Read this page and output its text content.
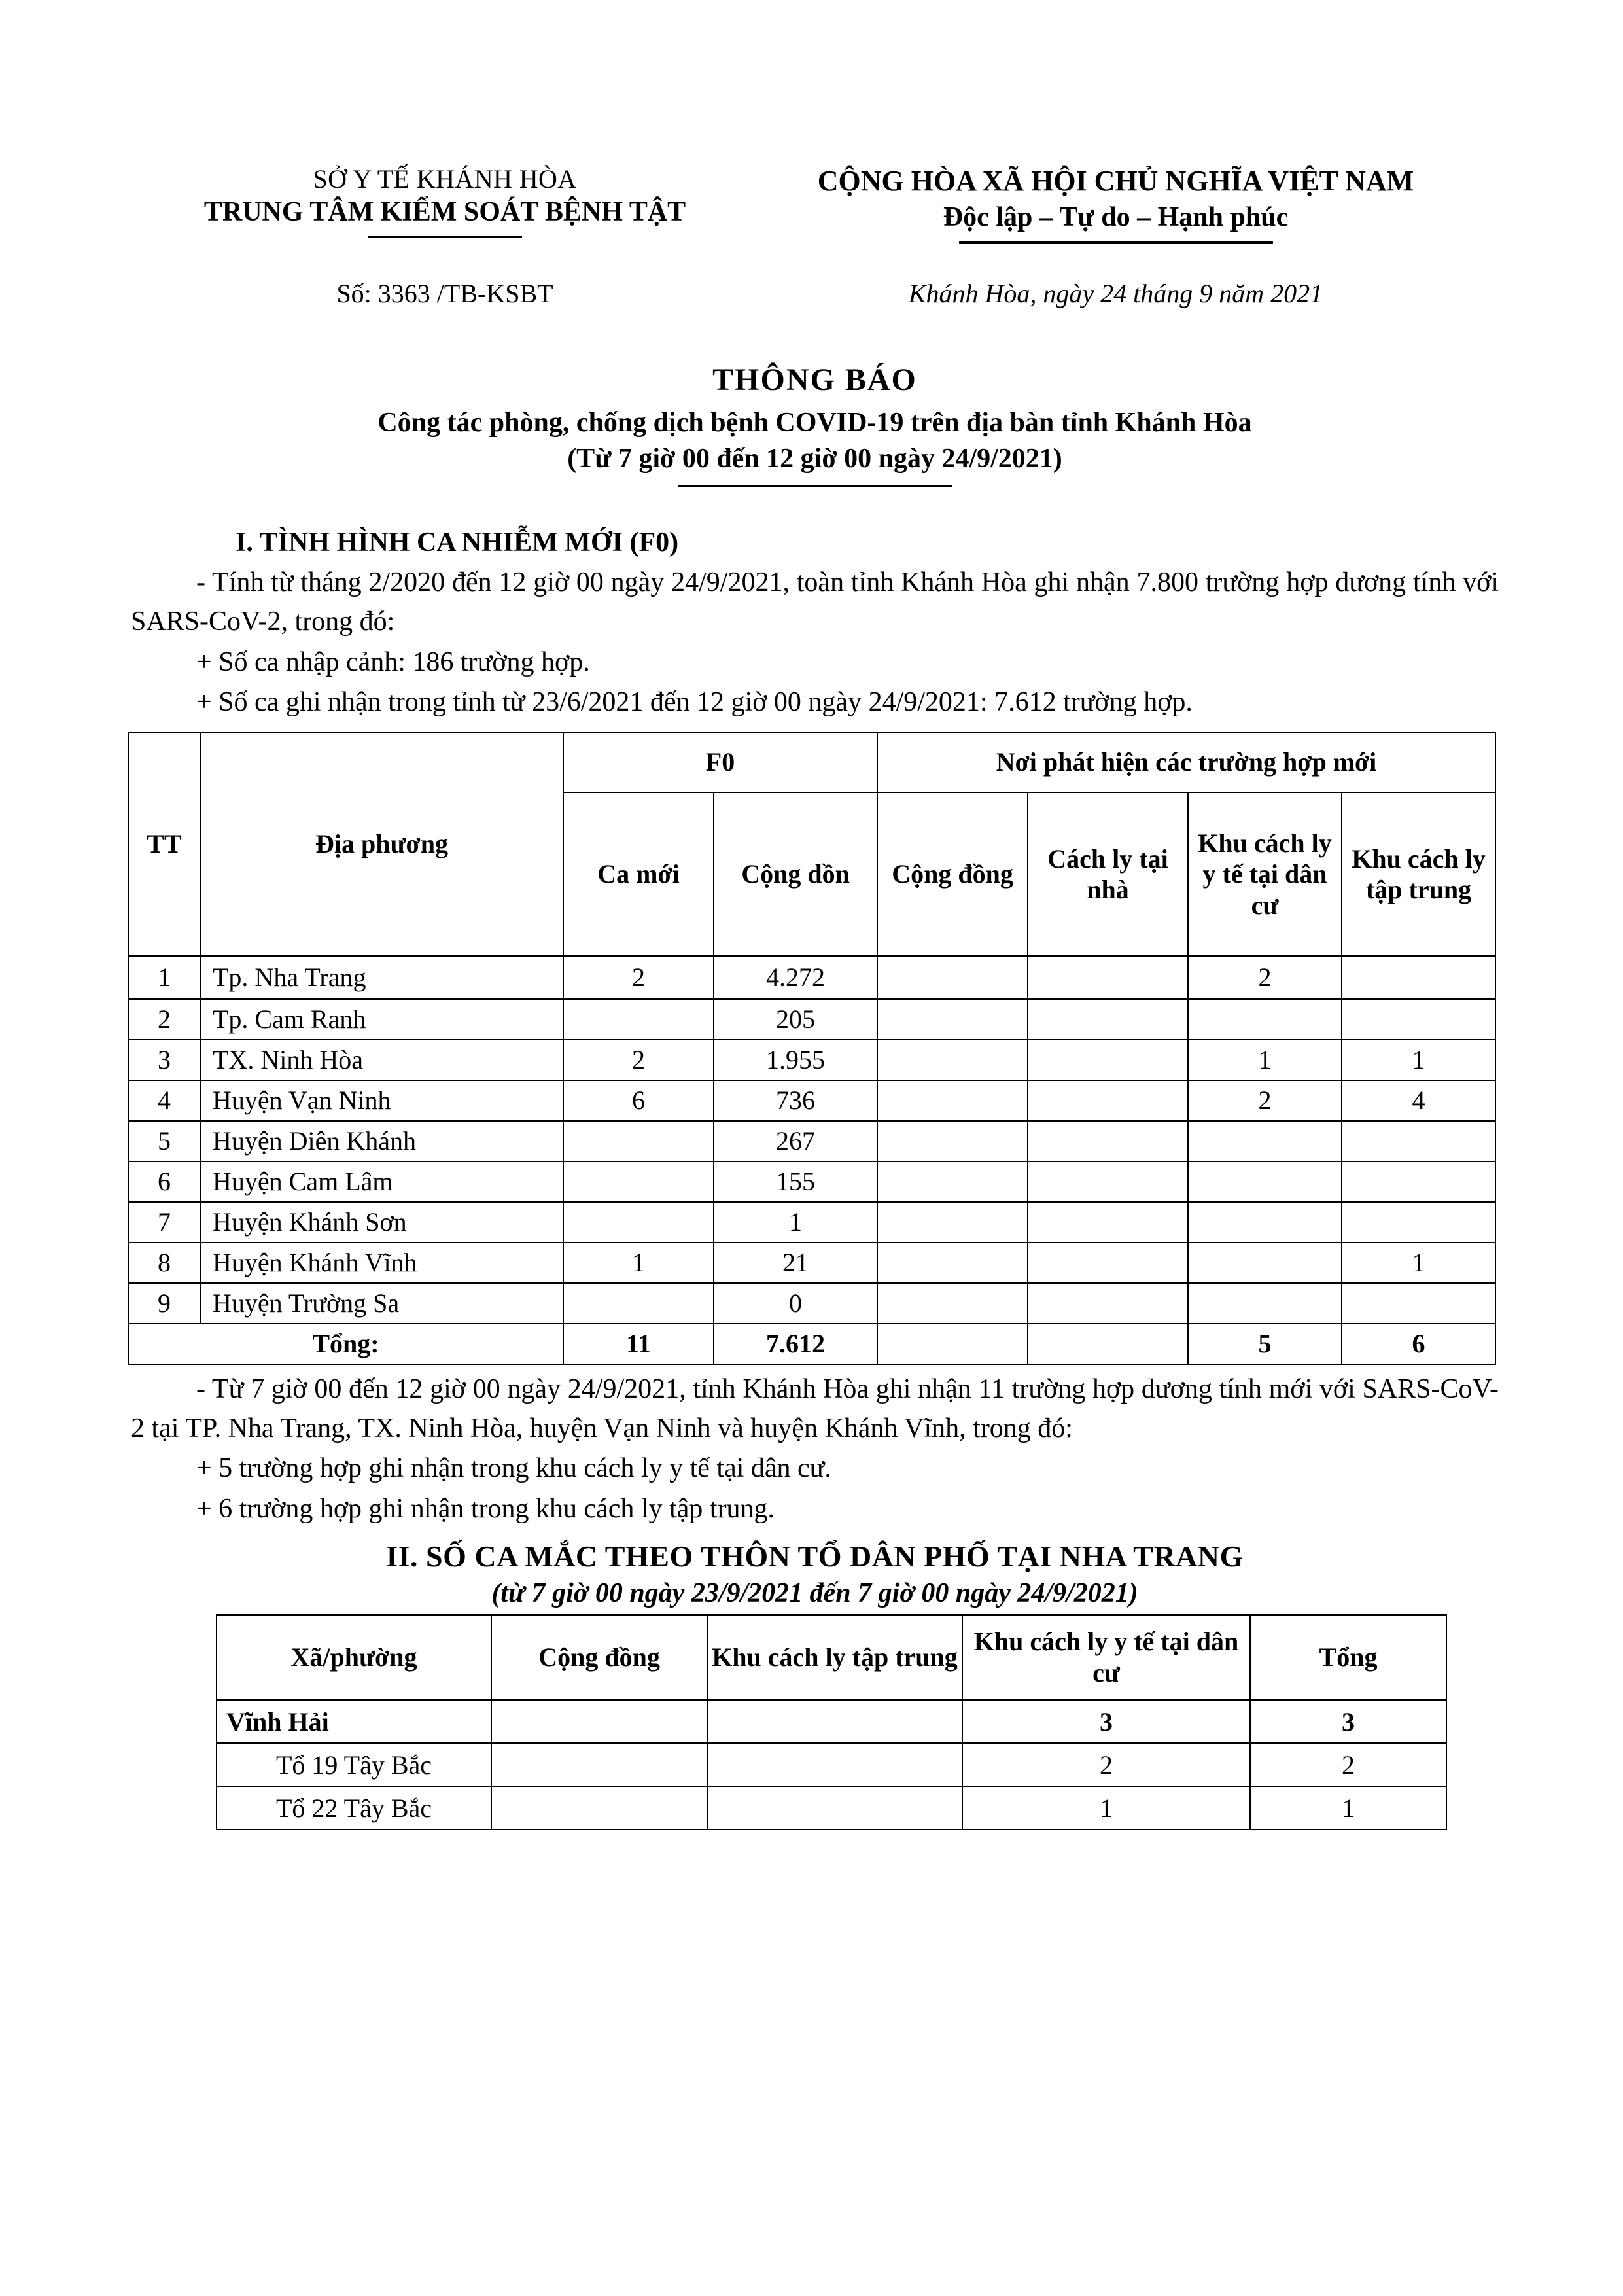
SỞ Y TẾ KHÁNH HÒA
TRUNG TÂM KIỂM SOÁT BỆNH TẬT
CỘNG HÒA XÃ HỘI CHỦ NGHĨA VIỆT NAM
Độc lập – Tự do – Hạnh phúc
Số: 3363 /TB-KSBT	Khánh Hòa, ngày 24 tháng 9 năm 2021
THÔNG BÁO
Công tác phòng, chống dịch bệnh COVID-19 trên địa bàn tỉnh Khánh Hòa
(Từ 7 giờ 00 đến 12 giờ 00 ngày 24/9/2021)
I. TÌNH HÌNH CA NHIỄM MỚI (F0)

- Tính từ tháng 2/2020 đến 12 giờ 00 ngày 24/9/2021, toàn tỉnh Khánh Hòa ghi nhận 7.800 trường hợp dương tính với SARS-CoV-2, trong đó:

+ Số ca nhập cảnh: 186 trường hợp.

+ Số ca ghi nhận trong tỉnh từ 23/6/2021 đến 12 giờ 00 ngày 24/9/2021: 7.612 trường hợp.

TT	Địa phương	F0		Nơi phát hiện các trường hợp mới			
		Ca mới	Cộng dồn	Cộng đồng	Cách ly tại nhà	Khu cách ly y tế tại dân cư	Khu cách ly tập trung
1	Tp. Nha Trang	2	4.272			2	
2	Tp. Cam Ranh		205				
3	TX. Ninh Hòa	2	1.955			1	1
4	Huyện Vạn Ninh	6	736			2	4
5	Huyện Diên Khánh		267				
6	Huyện Cam Lâm		155				
7	Huyện Khánh Sơn		1				
8	Huyện Khánh Vĩnh	1	21				1
9	Huyện Trường Sa		0				
Tổng:		11	7.612			5	6

- Từ 7 giờ 00 đến 12 giờ 00 ngày 24/9/2021, tỉnh Khánh Hòa ghi nhận 11 trường hợp dương tính mới với SARS-CoV-2 tại TP. Nha Trang, TX. Ninh Hòa, huyện Vạn Ninh và huyện Khánh Vĩnh, trong đó:

+ 5 trường hợp ghi nhận trong khu cách ly y tế tại dân cư.

+ 6 trường hợp ghi nhận trong khu cách ly tập trung.

II. SỐ CA MẮC THEO THÔN TỔ DÂN PHỐ TẠI NHA TRANG
(từ 7 giờ 00 ngày 23/9/2021 đến 7 giờ 00 ngày 24/9/2021)
Xã/phường	Cộng đồng	Khu cách ly tập trung	Khu cách ly y tế tại dân cư	Tổng
Vĩnh Hải			3	3
Tổ 19 Tây Bắc			2	2
Tổ 22 Tây Bắc			1	1
